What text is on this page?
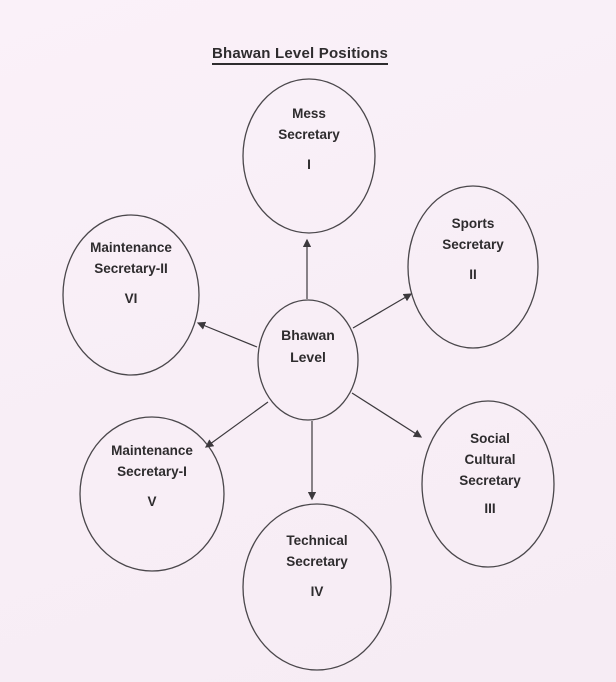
Bhawan Level Positions
Bhawan
Level
Mess
Secretary
I
Sports
Secretary
II
Maintenance
Secretary-II
VI
Social
Cultural
Secretary
III
Technical
Secretary
IV
Maintenance
Secretary-I
V
